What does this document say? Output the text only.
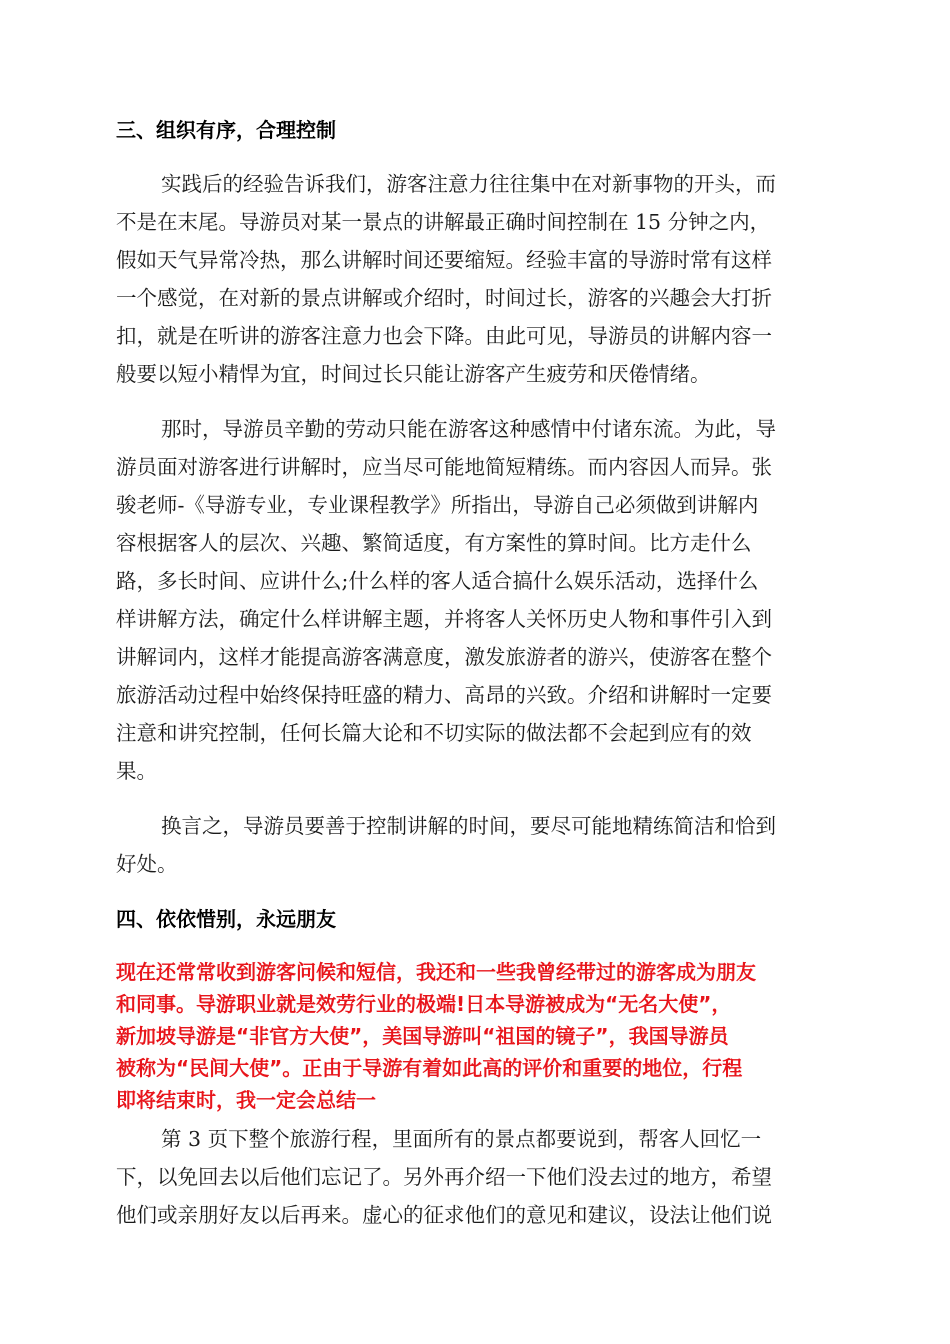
三、组织有序，合理控制

实践后的经验告诉我们，游客注意力往往集中在对新事物的开头，而

不是在末尾。导游员对某一景点的讲解最正确时间控制在 15 分钟之内，

假如天气异常冷热，那么讲解时间还要缩短。经验丰富的导游时常有这样

一个感觉，在对新的景点讲解或介绍时，时间过长，游客的兴趣会大打折

扣，就是在听讲的游客注意力也会下降。由此可见，导游员的讲解内容一

般要以短小精悍为宜，时间过长只能让游客产生疲劳和厌倦情绪。

那时，导游员辛勤的劳动只能在游客这种感情中付诸东流。为此，导

游员面对游客进行讲解时，应当尽可能地简短精练。而内容因人而异。张

骏老师-《导游专业，专业课程教学》所指出，导游自己必须做到讲解内

容根据客人的层次、兴趣、繁简适度，有方案性的算时间。比方走什么

路，多长时间、应讲什么;什么样的客人适合搞什么娱乐活动，选择什么

样讲解方法，确定什么样讲解主题，并将客人关怀历史人物和事件引入到

讲解词内，这样才能提高游客满意度，激发旅游者的游兴，使游客在整个

旅游活动过程中始终保持旺盛的精力、高昂的兴致。介绍和讲解时一定要

注意和讲究控制，任何长篇大论和不切实际的做法都不会起到应有的效

果。

换言之，导游员要善于控制讲解的时间，要尽可能地精练简洁和恰到

好处。

四、依依惜别，永远朋友

现在还常常收到游客问候和短信，我还和一些我曾经带过的游客成为朋友

和同事。导游职业就是效劳行业的极端!日本导游被成为“无名大使”，

新加坡导游是“非官方大使”，美国导游叫“祖国的镜子”，我国导游员

被称为“民间大使”。正由于导游有着如此高的评价和重要的地位，行程

即将结束时，我一定会总结一

第 3 页下整个旅游行程，里面所有的景点都要说到，帮客人回忆一

下，以免回去以后他们忘记了。另外再介绍一下他们没去过的地方，希望

他们或亲朋好友以后再来。虚心的征求他们的意见和建议，设法让他们说
